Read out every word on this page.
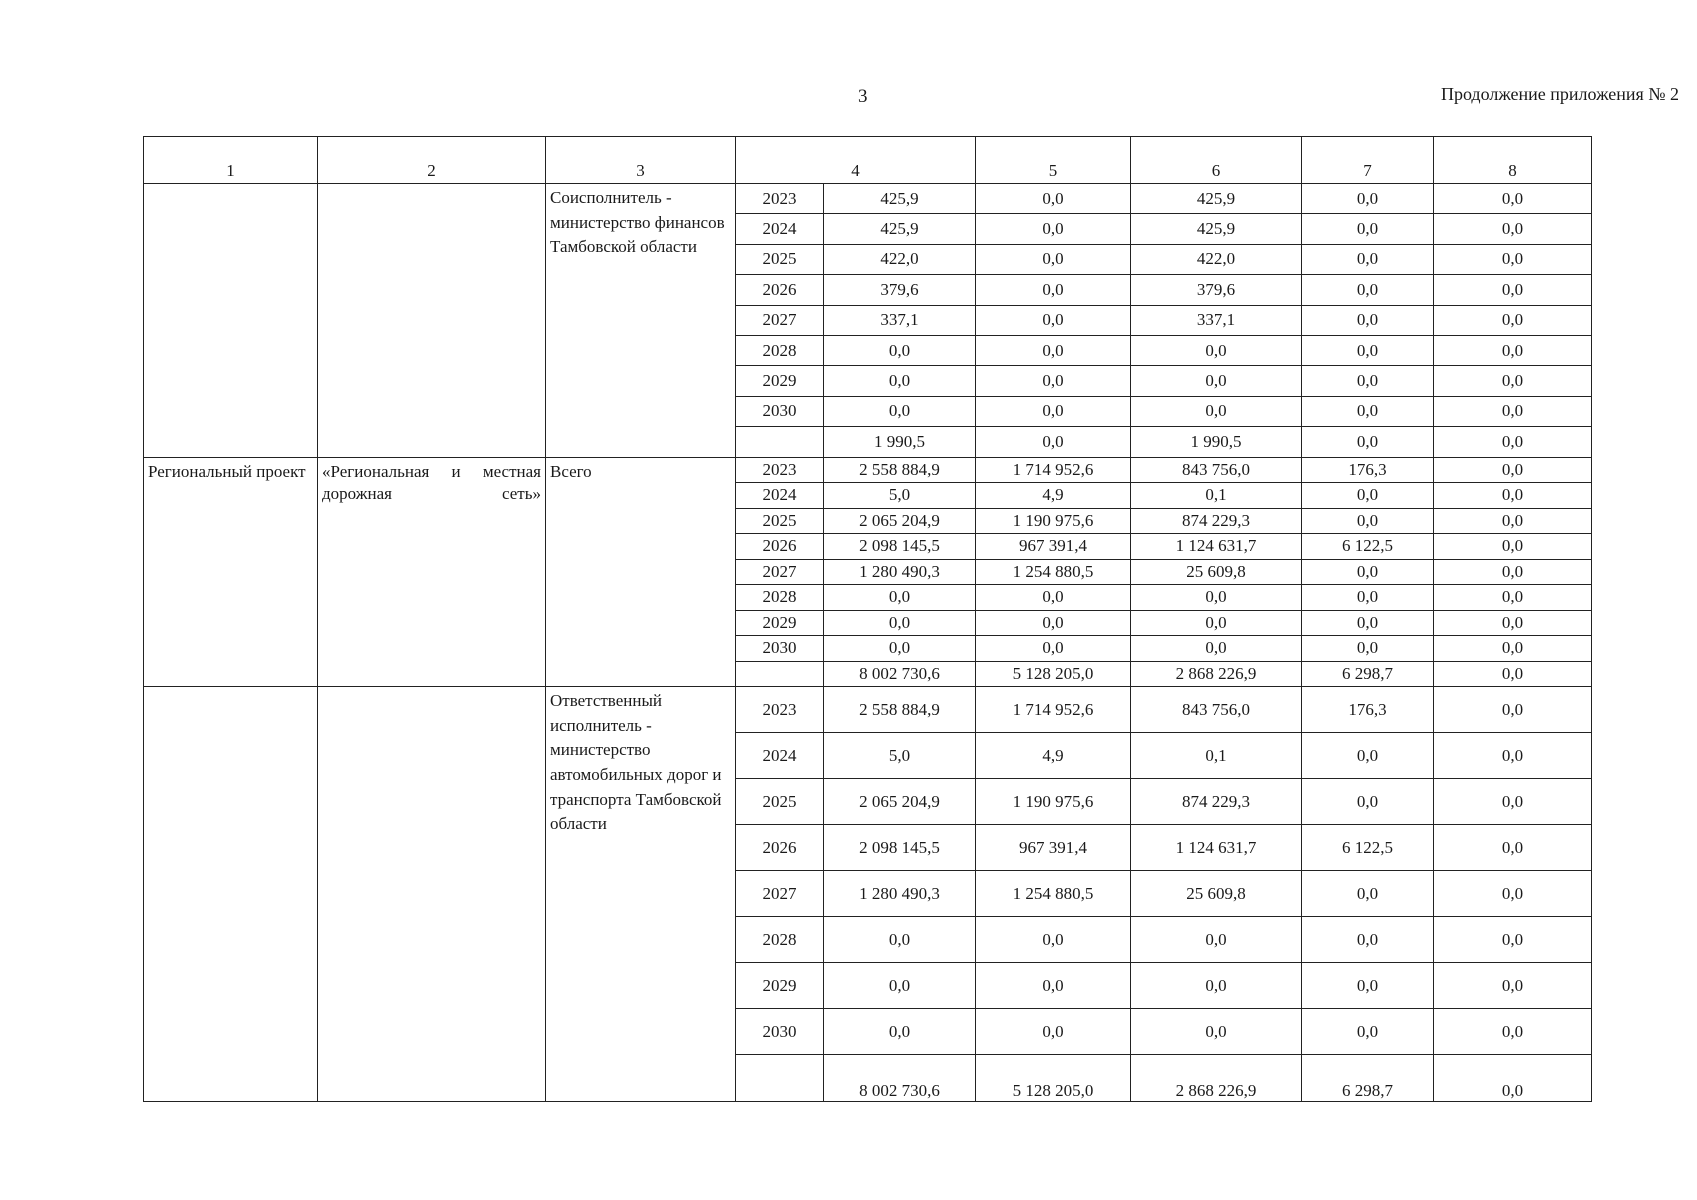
3	Продолжение приложения № 2
1	2	3	4		5	6	7	8
		Соисполнитель - министерство финансов Тамбовской области	2023	425,9	0,0	425,9	0,0	0,0
			2024	425,9	0,0	425,9	0,0	0,0
			2025	422,0	0,0	422,0	0,0	0,0
			2026	379,6	0,0	379,6	0,0	0,0
			2027	337,1	0,0	337,1	0,0	0,0
			2028	0,0	0,0	0,0	0,0	0,0
			2029	0,0	0,0	0,0	0,0	0,0
			2030	0,0	0,0	0,0	0,0	0,0
				1 990,5	0,0	1 990,5	0,0	0,0
Региональный проект	«Региональная и местная дорожная сеть»	Всего	2023	2 558 884,9	1 714 952,6	843 756,0	176,3	0,0
			2024	5,0	4,9	0,1	0,0	0,0
			2025	2 065 204,9	1 190 975,6	874 229,3	0,0	0,0
			2026	2 098 145,5	967 391,4	1 124 631,7	6 122,5	0,0
			2027	1 280 490,3	1 254 880,5	25 609,8	0,0	0,0
			2028	0,0	0,0	0,0	0,0	0,0
			2029	0,0	0,0	0,0	0,0	0,0
			2030	0,0	0,0	0,0	0,0	0,0
				8 002 730,6	5 128 205,0	2 868 226,9	6 298,7	0,0
		Ответственный исполнитель - министерство автомобильных дорог и транспорта Тамбовской области	2023	2 558 884,9	1 714 952,6	843 756,0	176,3	0,0
			2024	5,0	4,9	0,1	0,0	0,0
			2025	2 065 204,9	1 190 975,6	874 229,3	0,0	0,0
			2026	2 098 145,5	967 391,4	1 124 631,7	6 122,5	0,0
			2027	1 280 490,3	1 254 880,5	25 609,8	0,0	0,0
			2028	0,0	0,0	0,0	0,0	0,0
			2029	0,0	0,0	0,0	0,0	0,0
			2030	0,0	0,0	0,0	0,0	0,0
				8 002 730,6	5 128 205,0	2 868 226,9	6 298,7	0,0
